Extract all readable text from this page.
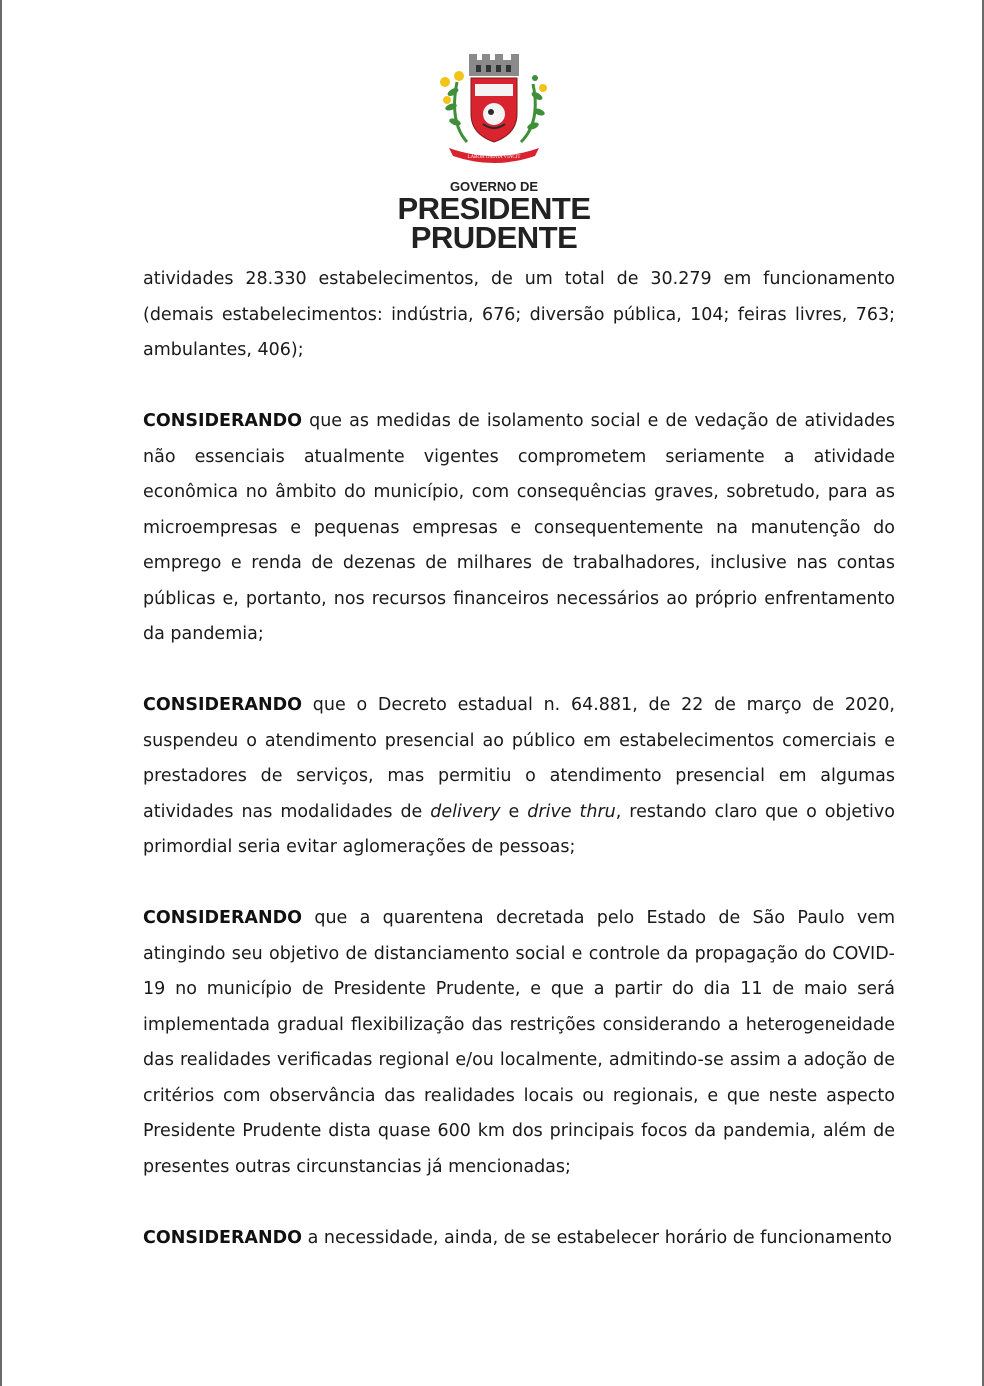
LABOR OMNIA VINCIT
GOVERNO DE
PRESIDENTE
PRUDENTE

atividades 28.330 estabelecimentos, de um total de 30.279 em funcionamento (demais estabelecimentos: indústria, 676; diversão pública, 104; feiras livres, 763; ambulantes, 406);

CONSIDERANDO que as medidas de isolamento social e de vedação de atividades não essenciais atualmente vigentes comprometem seriamente a atividade econômica no âmbito do município, com consequências graves, sobretudo, para as microempresas e pequenas empresas e consequentemente na manutenção do emprego e renda de dezenas de milhares de trabalhadores, inclusive nas contas públicas e, portanto, nos recursos financeiros necessários ao próprio enfrentamento da pandemia;

CONSIDERANDO que o Decreto estadual n. 64.881, de 22 de março de 2020, suspendeu o atendimento presencial ao público em estabelecimentos comerciais e prestadores de serviços, mas permitiu o atendimento presencial em algumas atividades nas modalidades de delivery e drive thru, restando claro que o objetivo primordial seria evitar aglomerações de pessoas;

CONSIDERANDO que a quarentena decretada pelo Estado de São Paulo vem atingindo seu objetivo de distanciamento social e controle da propagação do COVID-19 no município de Presidente Prudente, e que a partir do dia 11 de maio será implementada gradual flexibilização das restrições considerando a heterogeneidade das realidades verificadas regional e/ou localmente, admitindo-se assim a adoção de critérios com observância das realidades locais ou regionais, e que neste aspecto Presidente Prudente dista quase 600 km dos principais focos da pandemia, além de presentes outras circunstancias já mencionadas;

CONSIDERANDO a necessidade, ainda, de se estabelecer horário de funcionamento
